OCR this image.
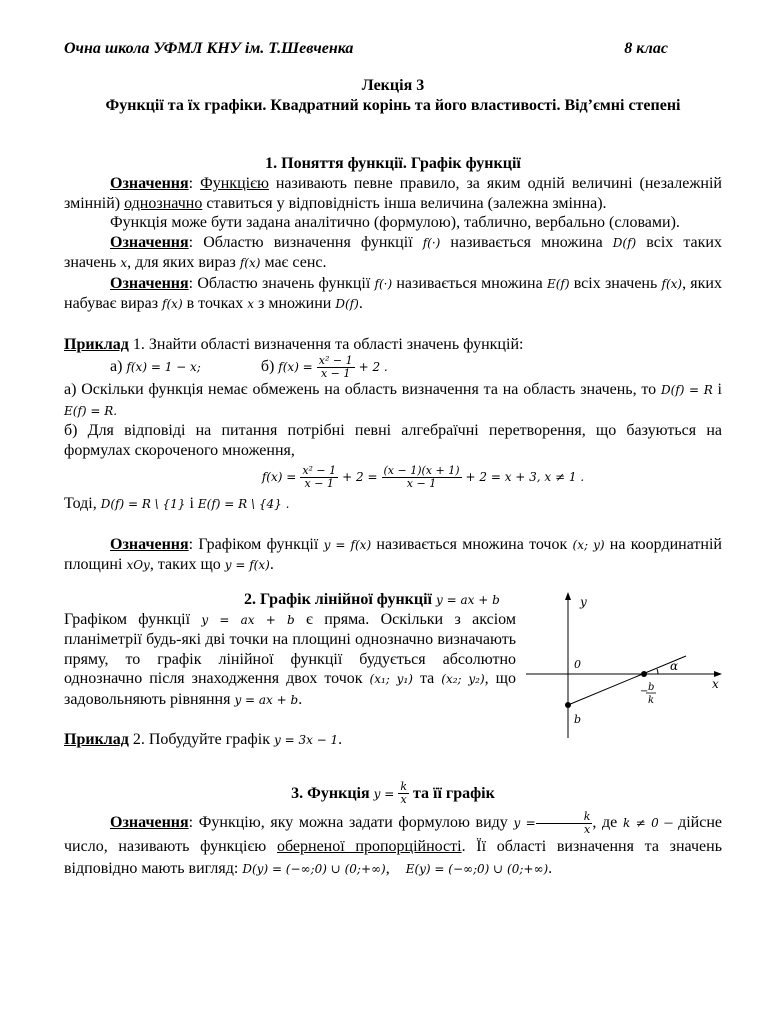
Очна школа УФМЛ КНУ ім. Т.Шевченка	8 клас
Лекція 3
Функції та їх графіки. Квадратний корінь та його властивості. Від’ємні степені
1. Поняття функції. Графік функції
Означення: Функцією називають певне правило, за яким одній величині (незалежній змінній) однозначно ставиться у відповідність інша величина (залежна змінна).
Функція може бути задана аналітично (формулою), таблично, вербально (словами).
Означення: Областю визначення функції f(·) називається множина D(f) всіх таких значень x, для яких вираз f(x) має сенс.
Означення: Областю значень функції f(·) називається множина E(f) всіх значень f(x), яких набуває вираз f(x) в точках x з множини D(f).
Приклад 1. Знайти області визначення та області значень функцій:
а) f(x) = 1 − x;	б) $f(x) = \frac{\text{x² − 1}}{x - 1} + 2$ .
а) Оскільки функція немає обмежень на область визначення та на область значень, то D(f) = R і E(f) = R.
б) Для відповіді на питання потрібні певні алгебраїчні перетворення, що базуються на формулах скороченого множення,
$f(x) = \frac{\text{x² − 1}}{x - 1} + 2 = \frac{(x - 1)(x + 1)}{x - 1} + 2 = x + 3$, x ≠ 1 .
Тоді, D(f) = R \ {1} і E(f) = R \ {4} .
Означення: Графіком функції y = f(x) називається множина точок (x; y) на координатній площині xOy, таких що y = f(x).
2. Графік лінійної функції y = ax + b
Графіком функції y = ax + b є пряма. Оскільки з аксіом планіметрії будь-які дві точки на площині однозначно визначають пряму, то графік лінійної функції будується абсолютно однозначно після знаходження двох точок (x₁; y₁) та (x₂; y₂), що задовольняють рівняння y = ax + b.
Приклад 2. Побудуйте графік y = 3x − 1.
y
x
0
b
α
− b
k
3. Функція $y = \frac{k}{x}$ та її графік
Означення: Функцію, яку можна задати формулою виду $y = \frac{k}{x}$ , де k ≠ 0 – дійсне число, називають функцією оберненої пропорційності. Її області визначення та значень відповідно мають вигляд: D(y) = (−∞;0) ∪ (0;+∞), E(y) = (−∞;0) ∪ (0;+∞).
